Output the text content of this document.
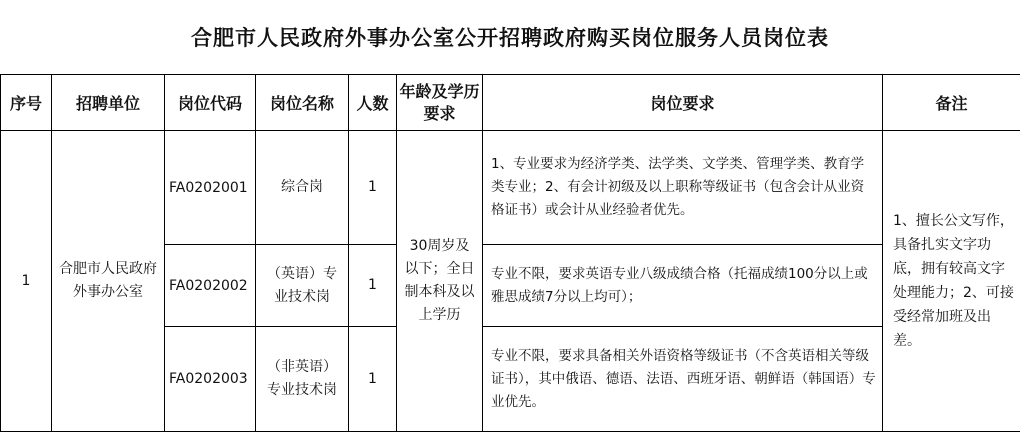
合肥市人民政府外事办公室公开招聘政府购买岗位服务人员岗位表
序号	招聘单位	岗位代码	岗位名称	人数	年龄及学历要求	岗位要求	备注
1	合肥市人民政府外事办公室	FA0202001	综合岗	1	30周岁及以下；全日制本科及以上学历	1、专业要求为经济学类、法学类、文学类、管理学类、教育学类专业；2、有会计初级及以上职称等级证书（包含会计从业资格证书）或会计从业经验者优先。	1、擅长公文写作，具备扎实文字功底，拥有较高文字处理能力；2、可接受经常加班及出差。
		FA0202002	（英语）专业技术岗	1		专业不限，要求英语专业八级成绩合格（托福成绩100分以上或雅思成绩7分以上均可）；	
		FA0202003	（非英语）专业技术岗	1		专业不限，要求具备相关外语资格等级证书（不含英语相关等级证书），其中俄语、德语、法语、西班牙语、朝鲜语（韩国语）专业优先。	
